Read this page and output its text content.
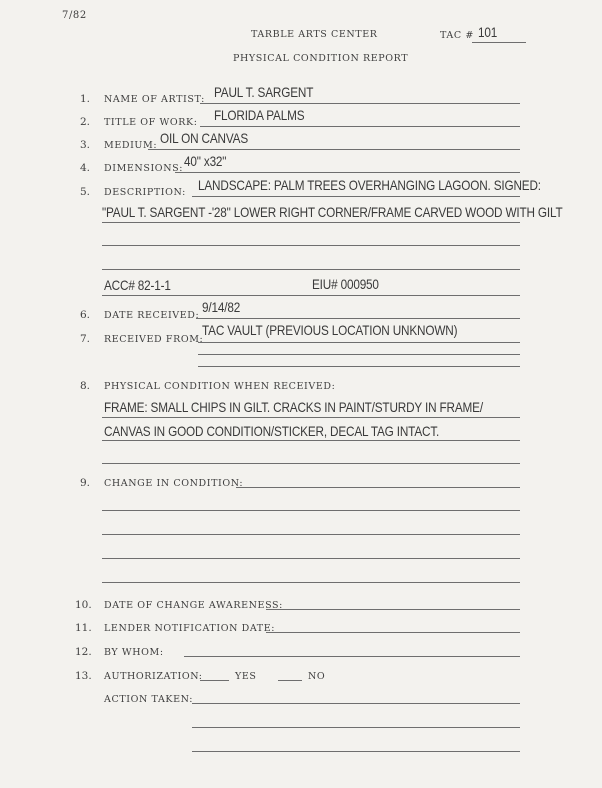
7/82
TARBLE ARTS CENTER	TAC # 101
PHYSICAL CONDITION REPORT
1. NAME OF ARTIST: PAUL T. SARGENT
2. TITLE OF WORK: FLORIDA PALMS
3. MEDIUM: OIL ON CANVAS
4. DIMENSIONS: 40" x32"
5. DESCRIPTION: LANDSCAPE: PALM TREES OVERHANGING LAGOON. SIGNED:
"PAUL T. SARGENT -'28" LOWER RIGHT CORNER/FRAME CARVED WOOD WITH GILT
ACC# 82-1-1	EIU# 000950
6. DATE RECEIVED:
9/14/82
7. RECEIVED FROM:
TAC VAULT (PREVIOUS LOCATION UNKNOWN)
8. PHYSICAL CONDITION WHEN RECEIVED:
FRAME: SMALL CHIPS IN GILT. CRACKS IN PAINT/STURDY IN FRAME/
CANVAS IN GOOD CONDITION/STICKER, DECAL TAG INTACT.
9. CHANGE IN CONDITION:
10. DATE OF CHANGE AWARENESS:
11. LENDER NOTIFICATION DATE:
12. BY WHOM:
13. AUTHORIZATION:	YES	NO
ACTION TAKEN:
